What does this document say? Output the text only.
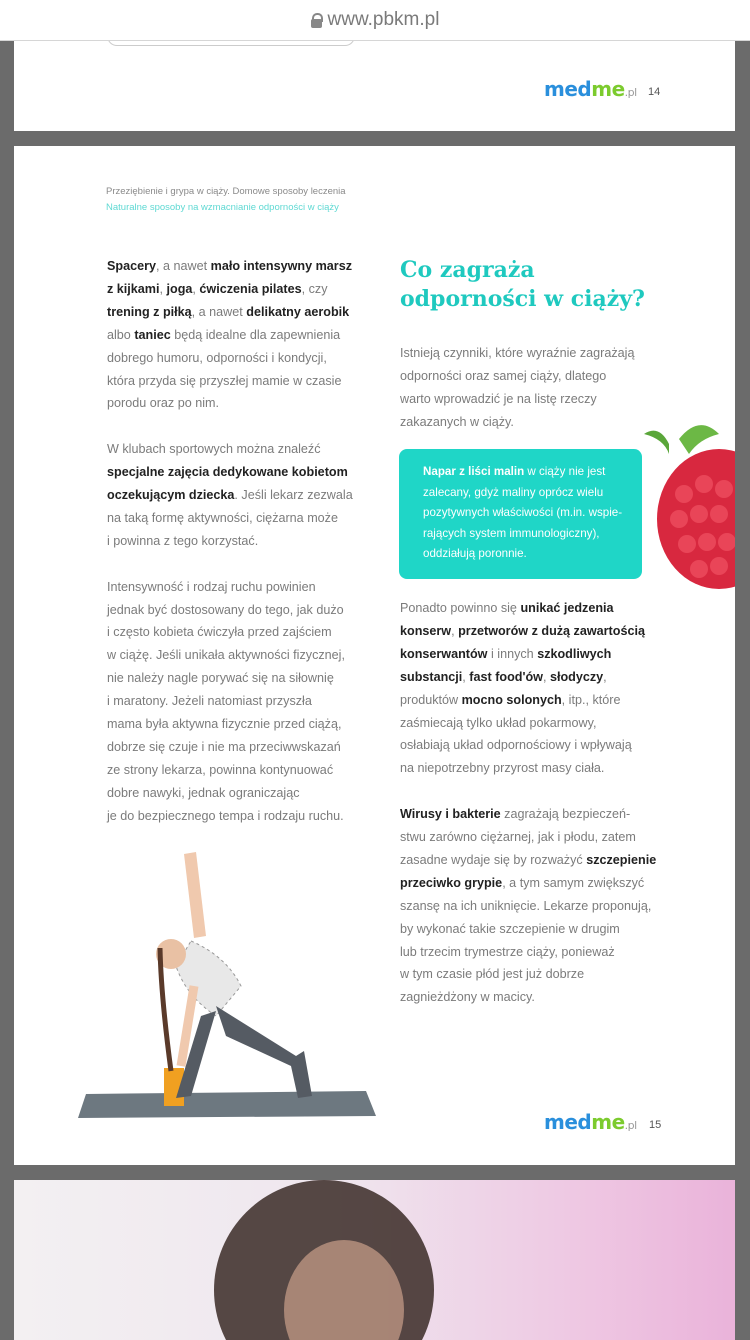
www.pbkm.pl
medme.pl 14
Przeziębienie i grypa w ciąży. Domowe sposoby leczenia
Naturalne sposoby na wzmacnianie odporności w ciąży

Spacery, a nawet mało intensywny marsz
z kijkami, joga, ćwiczenia pilates, czy
trening z piłką, a nawet delikatny aerobik
albo taniec będą idealne dla zapewnienia
dobrego humoru, odporności i kondycji,
która przyda się przyszłej mamie w czasie
porodu oraz po nim.

W klubach sportowych można znaleźć
specjalne zajęcia dedykowane kobietom
oczekującym dziecka. Jeśli lekarz zezwala
na taką formę aktywności, ciężarna może
i powinna z tego korzystać.

Intensywność i rodzaj ruchu powinien
jednak być dostosowany do tego, jak dużo
i często kobieta ćwiczyła przed zajściem
w ciążę. Jeśli unikała aktywności fizycznej,
nie należy nagle porywać się na siłownię
i maratony. Jeżeli natomiast przyszła
mama była aktywna fizycznie przed ciążą,
dobrze się czuje i nie ma przeciwwskazań
ze strony lekarza, powinna kontynuować
dobre nawyki, jednak ograniczając
je do bezpiecznego tempa i rodzaju ruchu.

Co zagraża
odporności w ciąży?

Istnieją czynniki, które wyraźnie zagrażają
odporności oraz samej ciąży, dlatego
warto wprowadzić je na listę rzeczy
zakazanych w ciąży.

Napar z liści malin w ciąży nie jest
zalecany, gdyż maliny oprócz wielu
pozytywnych właściwości (m.in. wspie-
rających system immunologiczny),
oddziałują poronnie.

Ponadto powinno się unikać jedzenia
konserw, przetworów z dużą zawartością
konserwantów i innych szkodliwych
substancji, fast food'ów, słodyczy,
produktów mocno solonych, itp., które
zaśmiecają tylko układ pokarmowy,
osłabiają układ odpornościowy i wpływają
na niepotrzebny przyrost masy ciała.

Wirusy i bakterie zagrażają bezpieczeń-
stwu zarówno ciężarnej, jak i płodu, zatem
zasadne wydaje się by rozważyć szczepienie
przeciwko grypie, a tym samym zwiększyć
szansę na ich uniknięcie. Lekarze proponują,
by wykonać takie szczepienie w drugim
lub trzecim trymestrze ciąży, ponieważ
w tym czasie płód jest już dobrze
zagnieżdżony w macicy.

medme.pl 15
